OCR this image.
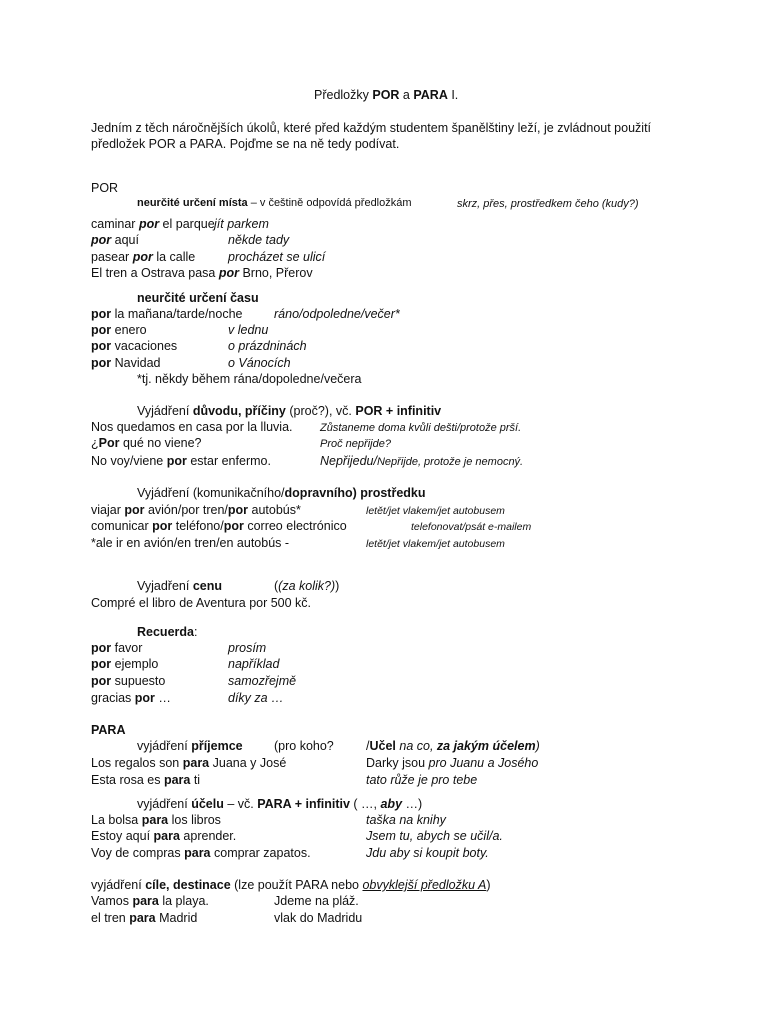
Předložky POR a PARA I.
Jedním z těch náročnějších úkolů, které před každým studentem španělštiny leží, je zvládnout použití
předložek POR a PARA. Pojďme se na ně tedy podívat.
POR
neurčité určení místa – v češtině odpovídá předložkám	skrz, přes, prostředkem čeho (kudy?)
caminar por el parque jít parkem
por aquí	někde tady
pasear por la calle	procházet se ulicí
El tren a Ostrava pasa por Brno, Přerov
neurčité určení času
por la mañana/tarde/noche	ráno/odpoledne/večer*
por enero	v lednu
por vacaciones	o prázdninách
por Navidad	o Vánocích
*tj. někdy během rána/dopoledne/večera
Vyjádření důvodu, příčiny (proč?), vč. POR + infinitiv
Nos quedamos en casa por la lluvia. Zůstaneme doma kvůli dešti/protože prší.
¿Por qué no viene?	Proč nepřijde?
No voy/viene por estar enfermo.	Nepřijedu/Nepřijde, protože je nemocný.
Vyjádření (komunikačního/dopravního) prostředku
viajar por avión/por tren/por autobús*	letět/jet vlakem/jet autobusem
comunicar por teléfono/por correo electrónico	telefonovat/psát e-mailem
*ale ir en avión/en tren/en autobús -	letět/jet vlakem/jet autobusem
Vyjadření cenu	((za kolik?))
Compré el libro de Aventura por 500 kč.
Recuerda:
por favor	prosím
por ejemplo	například
por supuesto	samozřejmě
gracias por …	díky za …
PARA
vyjádření příjemce	(pro koho?	/Učel na co, za jakým účelem)
Los regalos son para Juana y José	Darky jsou pro Juanu a Josého
Esta rosa es para ti	tato růže je pro tebe
vyjádření účelu – vč. PARA + infinitiv ( …, aby …)
La bolsa para los libros	taška na knihy
Estoy aquí para aprender.	Jsem tu, abych se učil/a.
Voy de compras para comprar zapatos.	Jdu aby si koupit boty.
vyjádření cíle, destinace (lze použít PARA nebo obvyklejší předložku A)
Vamos para la playa.	Jdeme na pláž.
el tren para Madrid	vlak do Madridu
